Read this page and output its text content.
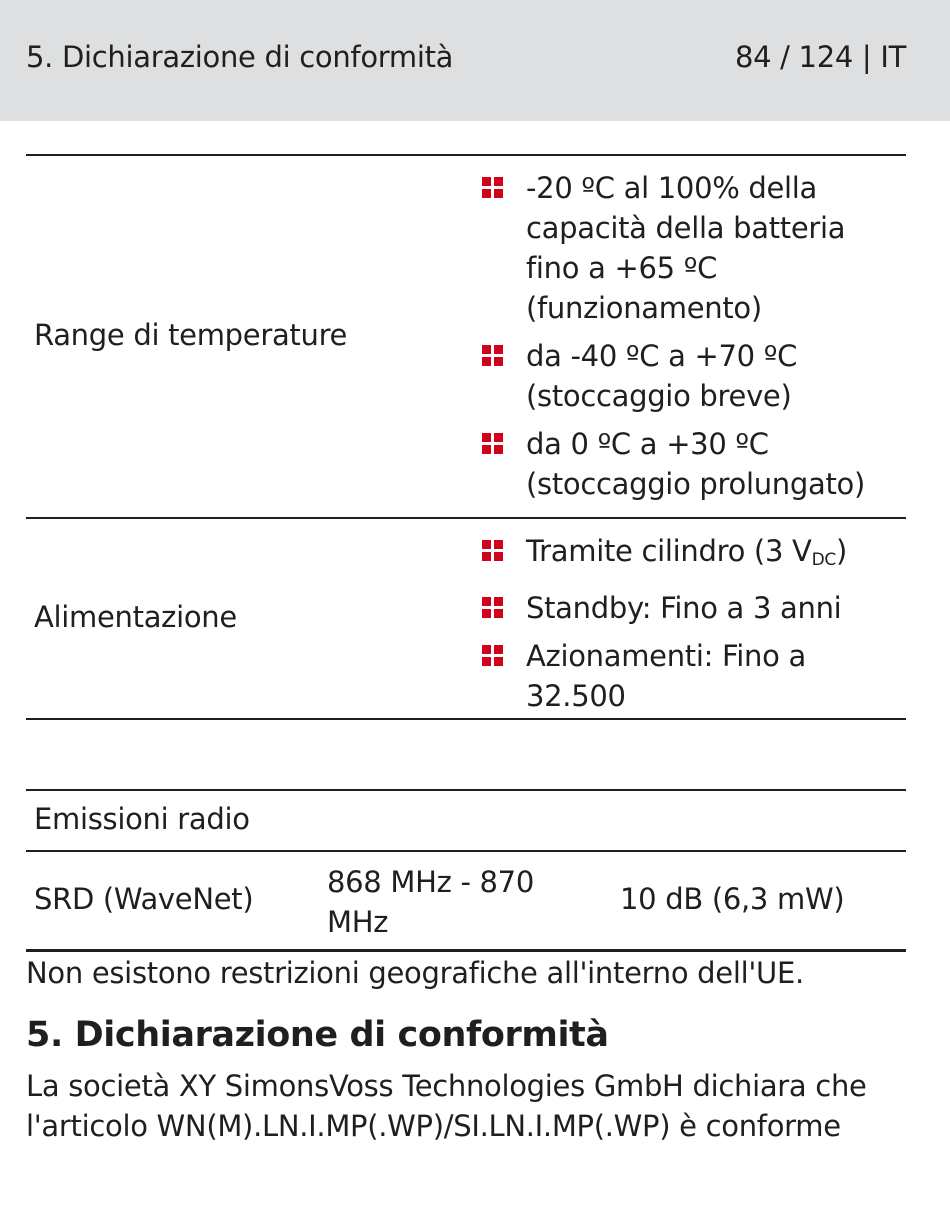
5. Dichiarazione di conformità	84 / 124 | IT
Range di temperature
-20 ºC al 100% della capacità della batteria fino a +65 ºC (funzionamento)
da -40 ºC a +70 ºC (stoccaggio breve)
da 0 ºC a +30 ºC (stoccaggio prolungato)
Alimentazione
Tramite cilindro (3 $V_{DC}$)
Standby: Fino a 3 anni
Azionamenti: Fino a 32.500
Emissioni radio
SRD (WaveNet)	868 MHz - 870 MHz
10 dB (6,3 mW)
Non esistono restrizioni geografiche all'interno dell'UE.
5. Dichiarazione di conformità
La società XY SimonsVoss Technologies GmbH dichiara che l'articolo WN(M).LN.I.MP(.WP)/SI.LN.I.MP(.WP) è conforme
